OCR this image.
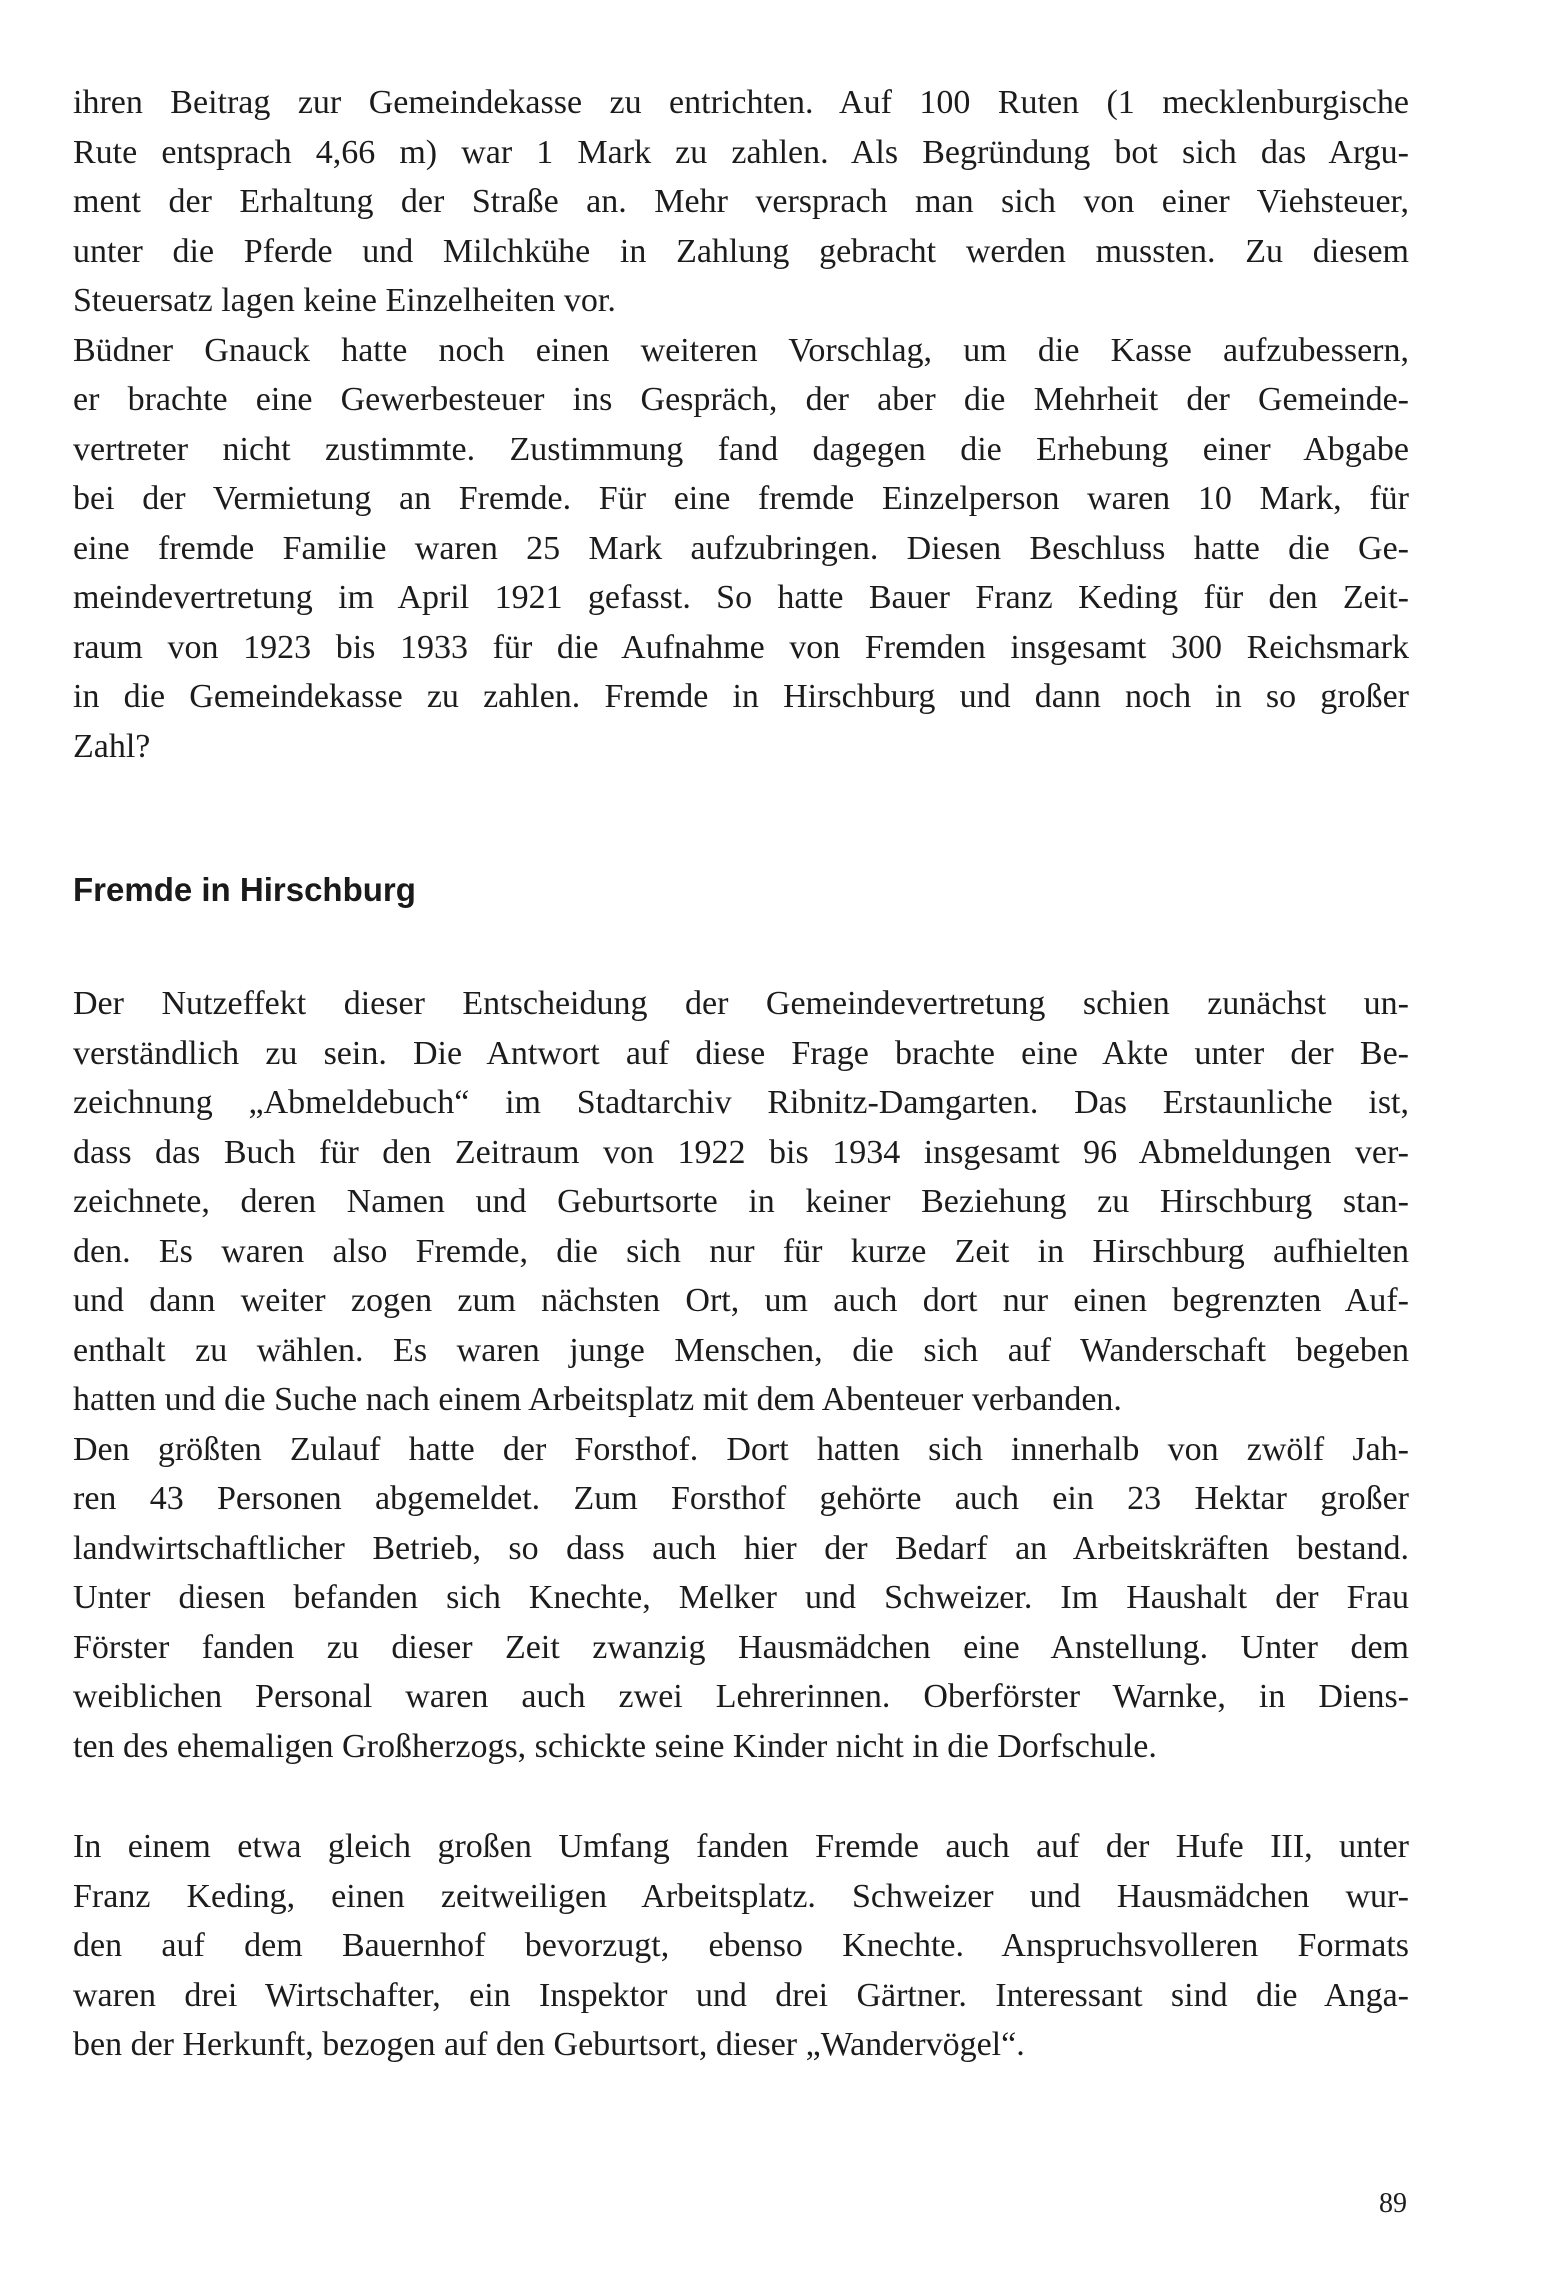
ihren Beitrag zur Gemeindekasse zu entrichten. Auf 100 Ruten (1 mecklenburgische
Rute entsprach 4,66 m) war 1 Mark zu zahlen. Als Begründung bot sich das Argu-
ment der Erhaltung der Straße an. Mehr versprach man sich von einer Viehsteuer,
unter die Pferde und Milchkühe in Zahlung gebracht werden mussten. Zu diesem
Steuersatz lagen keine Einzelheiten vor.
Büdner Gnauck hatte noch einen weiteren Vorschlag, um die Kasse aufzubessern,
er brachte eine Gewerbesteuer ins Gespräch, der aber die Mehrheit der Gemeinde-
vertreter nicht zustimmte. Zustimmung fand dagegen die Erhebung einer Abgabe
bei der Vermietung an Fremde. Für eine fremde Einzelperson waren 10 Mark, für
eine fremde Familie waren 25 Mark aufzubringen. Diesen Beschluss hatte die Ge-
meindevertretung im April 1921 gefasst. So hatte Bauer Franz Keding für den Zeit-
raum von 1923 bis 1933 für die Aufnahme von Fremden insgesamt 300 Reichsmark
in die Gemeindekasse zu zahlen. Fremde in Hirschburg und dann noch in so großer
Zahl?
Fremde in Hirschburg
Der Nutzeffekt dieser Entscheidung der Gemeindevertretung schien zunächst un-
verständlich zu sein. Die Antwort auf diese Frage brachte eine Akte unter der Be-
zeichnung „Abmeldebuch“ im Stadtarchiv Ribnitz-Damgarten. Das Erstaunliche ist,
dass das Buch für den Zeitraum von 1922 bis 1934 insgesamt 96 Abmeldungen ver-
zeichnete, deren Namen und Geburtsorte in keiner Beziehung zu Hirschburg stan-
den. Es waren also Fremde, die sich nur für kurze Zeit in Hirschburg aufhielten
und dann weiter zogen zum nächsten Ort, um auch dort nur einen begrenzten Auf-
enthalt zu wählen. Es waren junge Menschen, die sich auf Wanderschaft begeben
hatten und die Suche nach einem Arbeitsplatz mit dem Abenteuer verbanden.
Den größten Zulauf hatte der Forsthof. Dort hatten sich innerhalb von zwölf Jah-
ren 43 Personen abgemeldet. Zum Forsthof gehörte auch ein 23 Hektar großer
landwirtschaftlicher Betrieb, so dass auch hier der Bedarf an Arbeitskräften bestand.
Unter diesen befanden sich Knechte, Melker und Schweizer. Im Haushalt der Frau
Förster fanden zu dieser Zeit zwanzig Hausmädchen eine Anstellung. Unter dem
weiblichen Personal waren auch zwei Lehrerinnen. Oberförster Warnke, in Diens-
ten des ehemaligen Großherzogs, schickte seine Kinder nicht in die Dorfschule.
In einem etwa gleich großen Umfang fanden Fremde auch auf der Hufe III, unter
Franz Keding, einen zeitweiligen Arbeitsplatz. Schweizer und Hausmädchen wur-
den auf dem Bauernhof bevorzugt, ebenso Knechte. Anspruchsvolleren Formats
waren drei Wirtschafter, ein Inspektor und drei Gärtner. Interessant sind die Anga-
ben der Herkunft, bezogen auf den Geburtsort, dieser „Wandervögel“.
89
